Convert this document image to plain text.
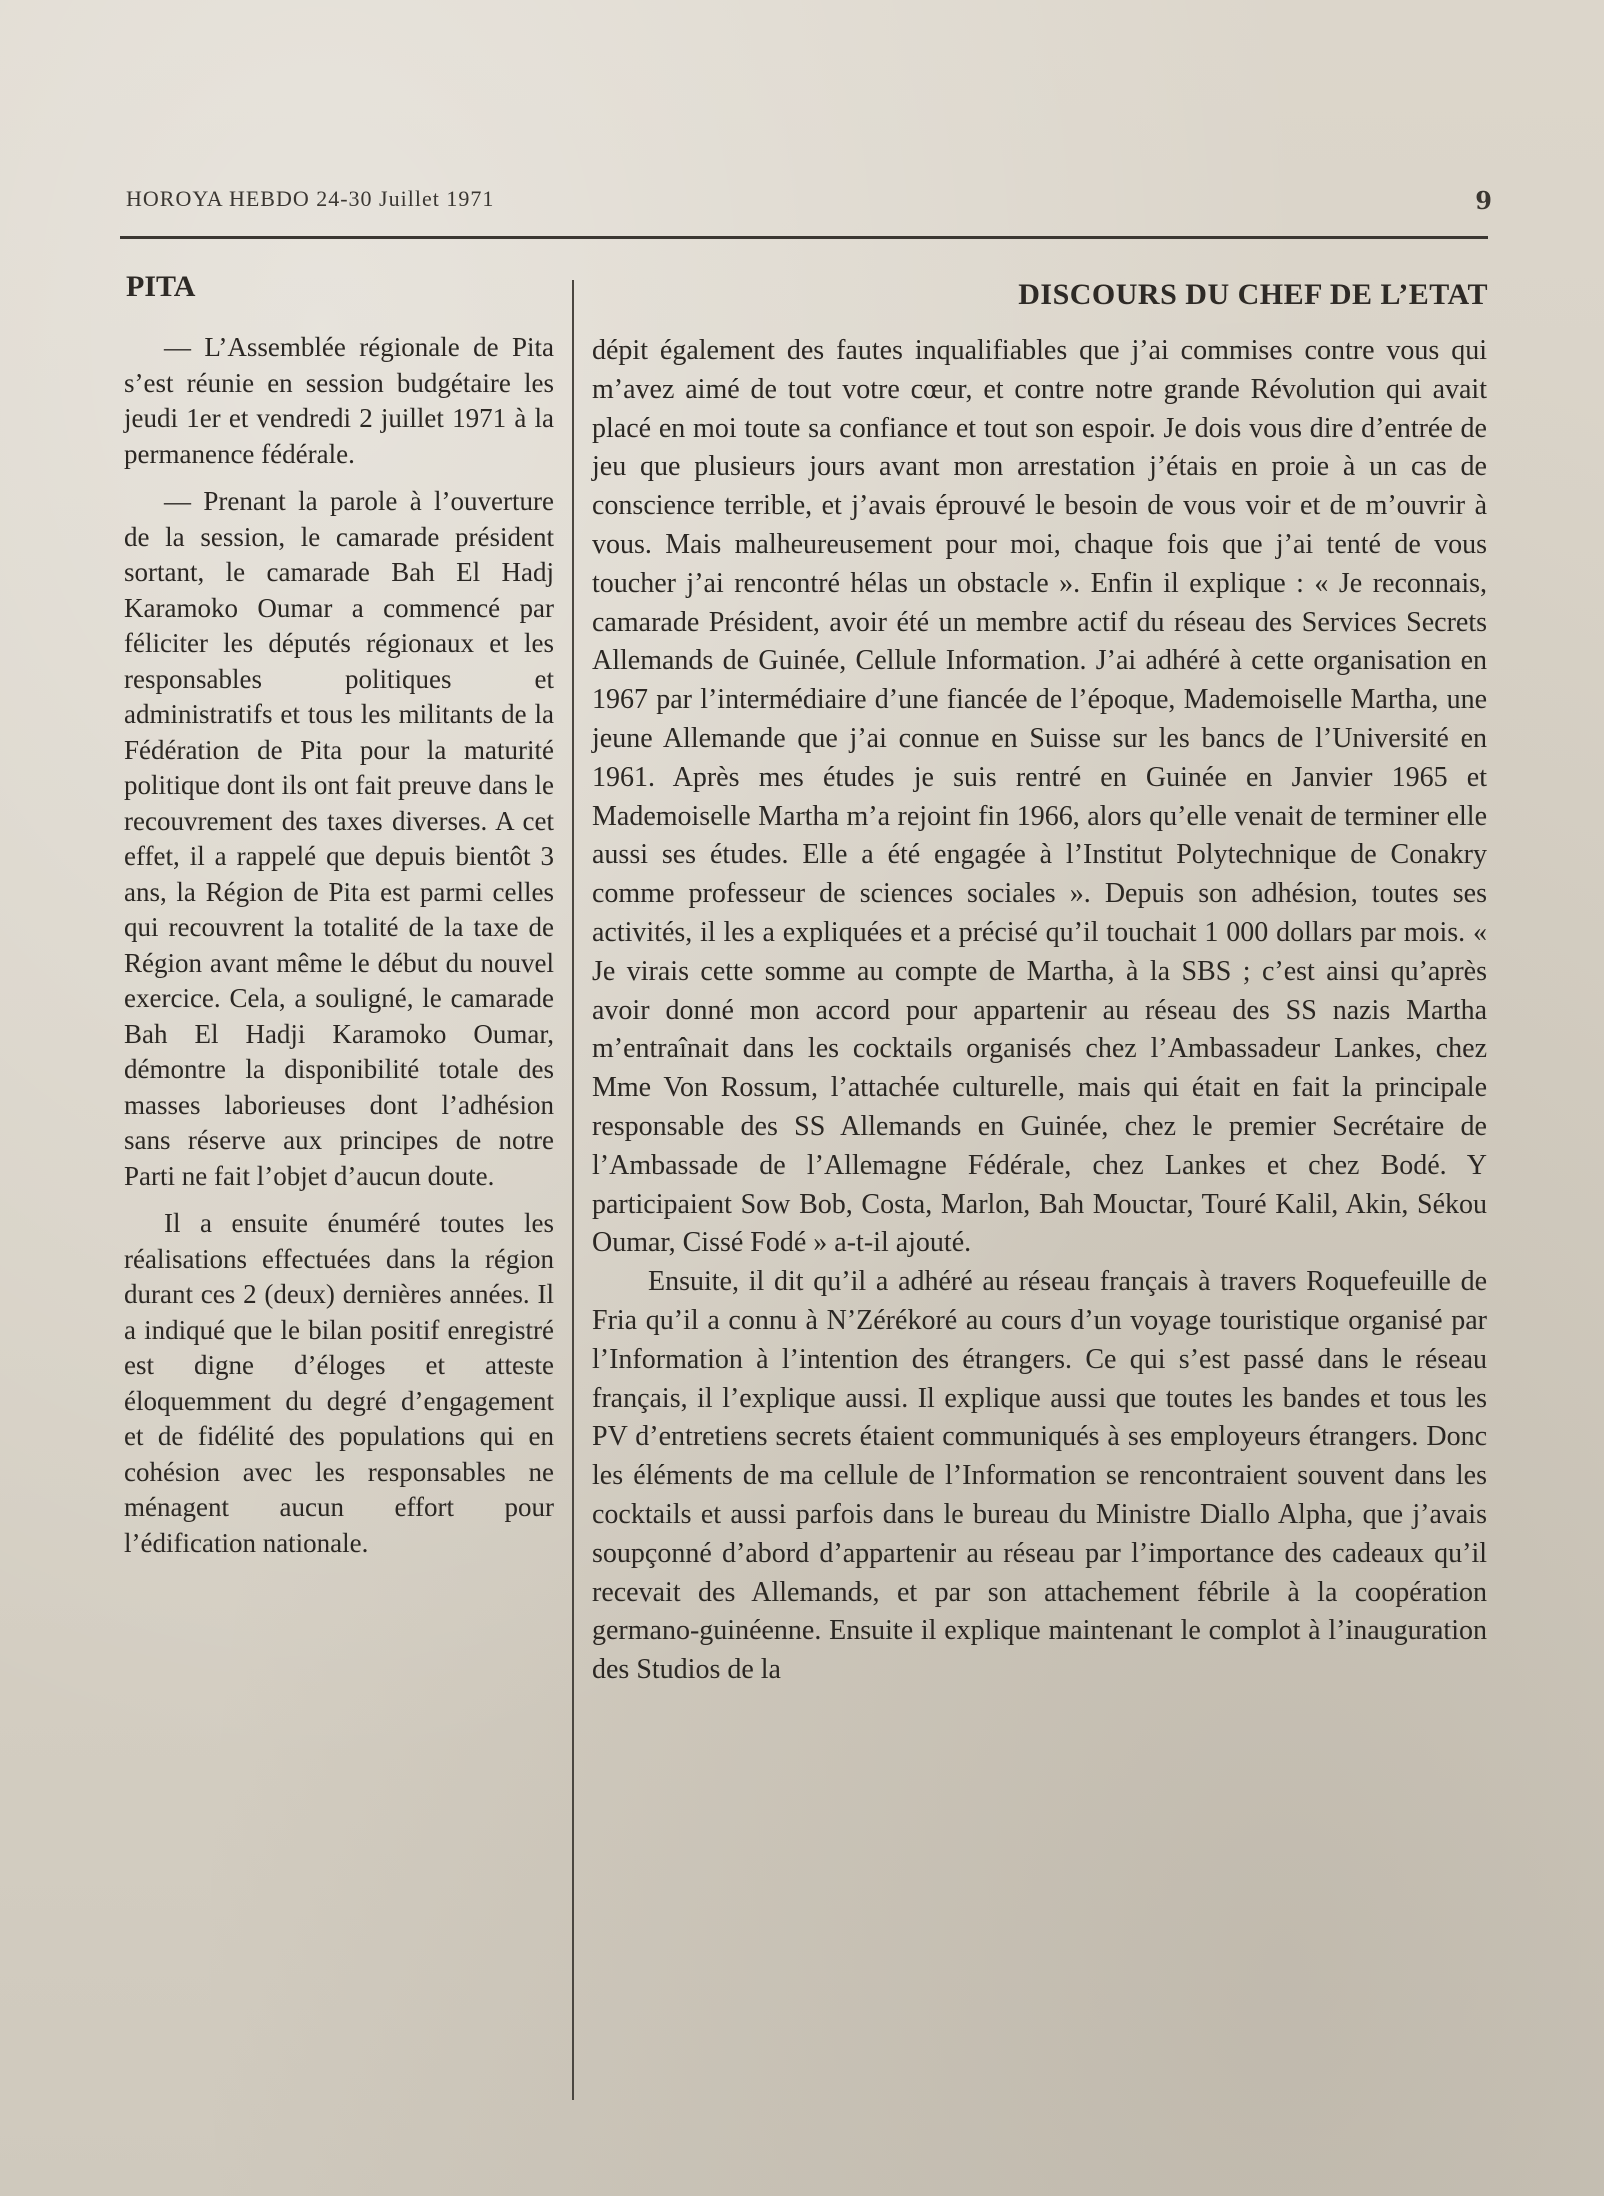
HOROYA HEBDO 24-30 Juillet 1971	9
PITA	DISCOURS DU CHEF DE L’ETAT

— L’Assemblée régionale de Pita s’est réunie en session budgétaire les jeudi 1er et vendredi 2 juillet 1971 à la permanence fédérale.

— Prenant la parole à l’ouverture de la session, le camarade président sortant, le camarade Bah El Hadj Karamoko Oumar a commencé par féliciter les députés régionaux et les responsables politiques et administratifs et tous les militants de la Fédération de Pita pour la maturité politique dont ils ont fait preuve dans le recouvrement des taxes diverses. A cet effet, il a rappelé que depuis bientôt 3 ans, la Région de Pita est parmi celles qui recouvrent la totalité de la taxe de Région avant même le début du nouvel exercice. Cela, a souligné, le camarade Bah El Hadji Karamoko Oumar, démontre la disponibilité totale des masses laborieuses dont l’adhésion sans réserve aux principes de notre Parti ne fait l’objet d’aucun doute.

Il a ensuite énuméré toutes les réalisations effectuées dans la région durant ces 2 (deux) dernières années. Il a indiqué que le bilan positif enregistré est digne d’éloges et atteste éloquemment du degré d’engagement et de fidélité des populations qui en cohésion avec les responsables ne ménagent aucun effort pour l’édification nationale.

dépit également des fautes inqualifiables que j’ai commises contre vous qui m’avez aimé de tout votre cœur, et contre notre grande Révolution qui avait placé en moi toute sa confiance et tout son espoir. Je dois vous dire d’entrée de jeu que plusieurs jours avant mon arrestation j’étais en proie à un cas de conscience terrible, et j’avais éprouvé le besoin de vous voir et de m’ouvrir à vous. Mais malheureusement pour moi, chaque fois que j’ai tenté de vous toucher j’ai rencontré hélas un obstacle ». Enfin il explique : « Je reconnais, camarade Président, avoir été un membre actif du réseau des Services Secrets Allemands de Guinée, Cellule Information. J’ai adhéré à cette organisation en 1967 par l’intermédiaire d’une fiancée de l’époque, Mademoiselle Martha, une jeune Allemande que j’ai connue en Suisse sur les bancs de l’Université en 1961. Après mes études je suis rentré en Guinée en Janvier 1965 et Mademoiselle Martha m’a rejoint fin 1966, alors qu’elle venait de terminer elle aussi ses études. Elle a été engagée à l’Institut Polytechnique de Conakry comme professeur de sciences sociales ». Depuis son adhésion, toutes ses activités, il les a expliquées et a précisé qu’il touchait 1 000 dollars par mois. « Je virais cette somme au compte de Martha, à la SBS ; c’est ainsi qu’après avoir donné mon accord pour appartenir au réseau des SS nazis Martha m’entraînait dans les cocktails organisés chez l’Ambassadeur Lankes, chez Mme Von Rossum, l’attachée culturelle, mais qui était en fait la principale responsable des SS Allemands en Guinée, chez le premier Secrétaire de l’Ambassade de l’Allemagne Fédérale, chez Lankes et chez Bodé. Y participaient Sow Bob, Costa, Marlon, Bah Mouctar, Touré Kalil, Akin, Sékou Oumar, Cissé Fodé » a-t-il ajouté.

Ensuite, il dit qu’il a adhéré au réseau français à travers Roquefeuille de Fria qu’il a connu à N’Zérékoré au cours d’un voyage touristique organisé par l’Information à l’intention des étrangers. Ce qui s’est passé dans le réseau français, il l’explique aussi. Il explique aussi que toutes les bandes et tous les PV d’entretiens secrets étaient communiqués à ses employeurs étrangers. Donc les éléments de ma cellule de l’Information se rencontraient souvent dans les cocktails et aussi parfois dans le bureau du Ministre Diallo Alpha, que j’avais soupçonné d’abord d’appartenir au réseau par l’importance des cadeaux qu’il recevait des Allemands, et par son attachement fébrile à la coopération germano-guinéenne. Ensuite il explique maintenant le complot à l’inauguration des Studios de la
